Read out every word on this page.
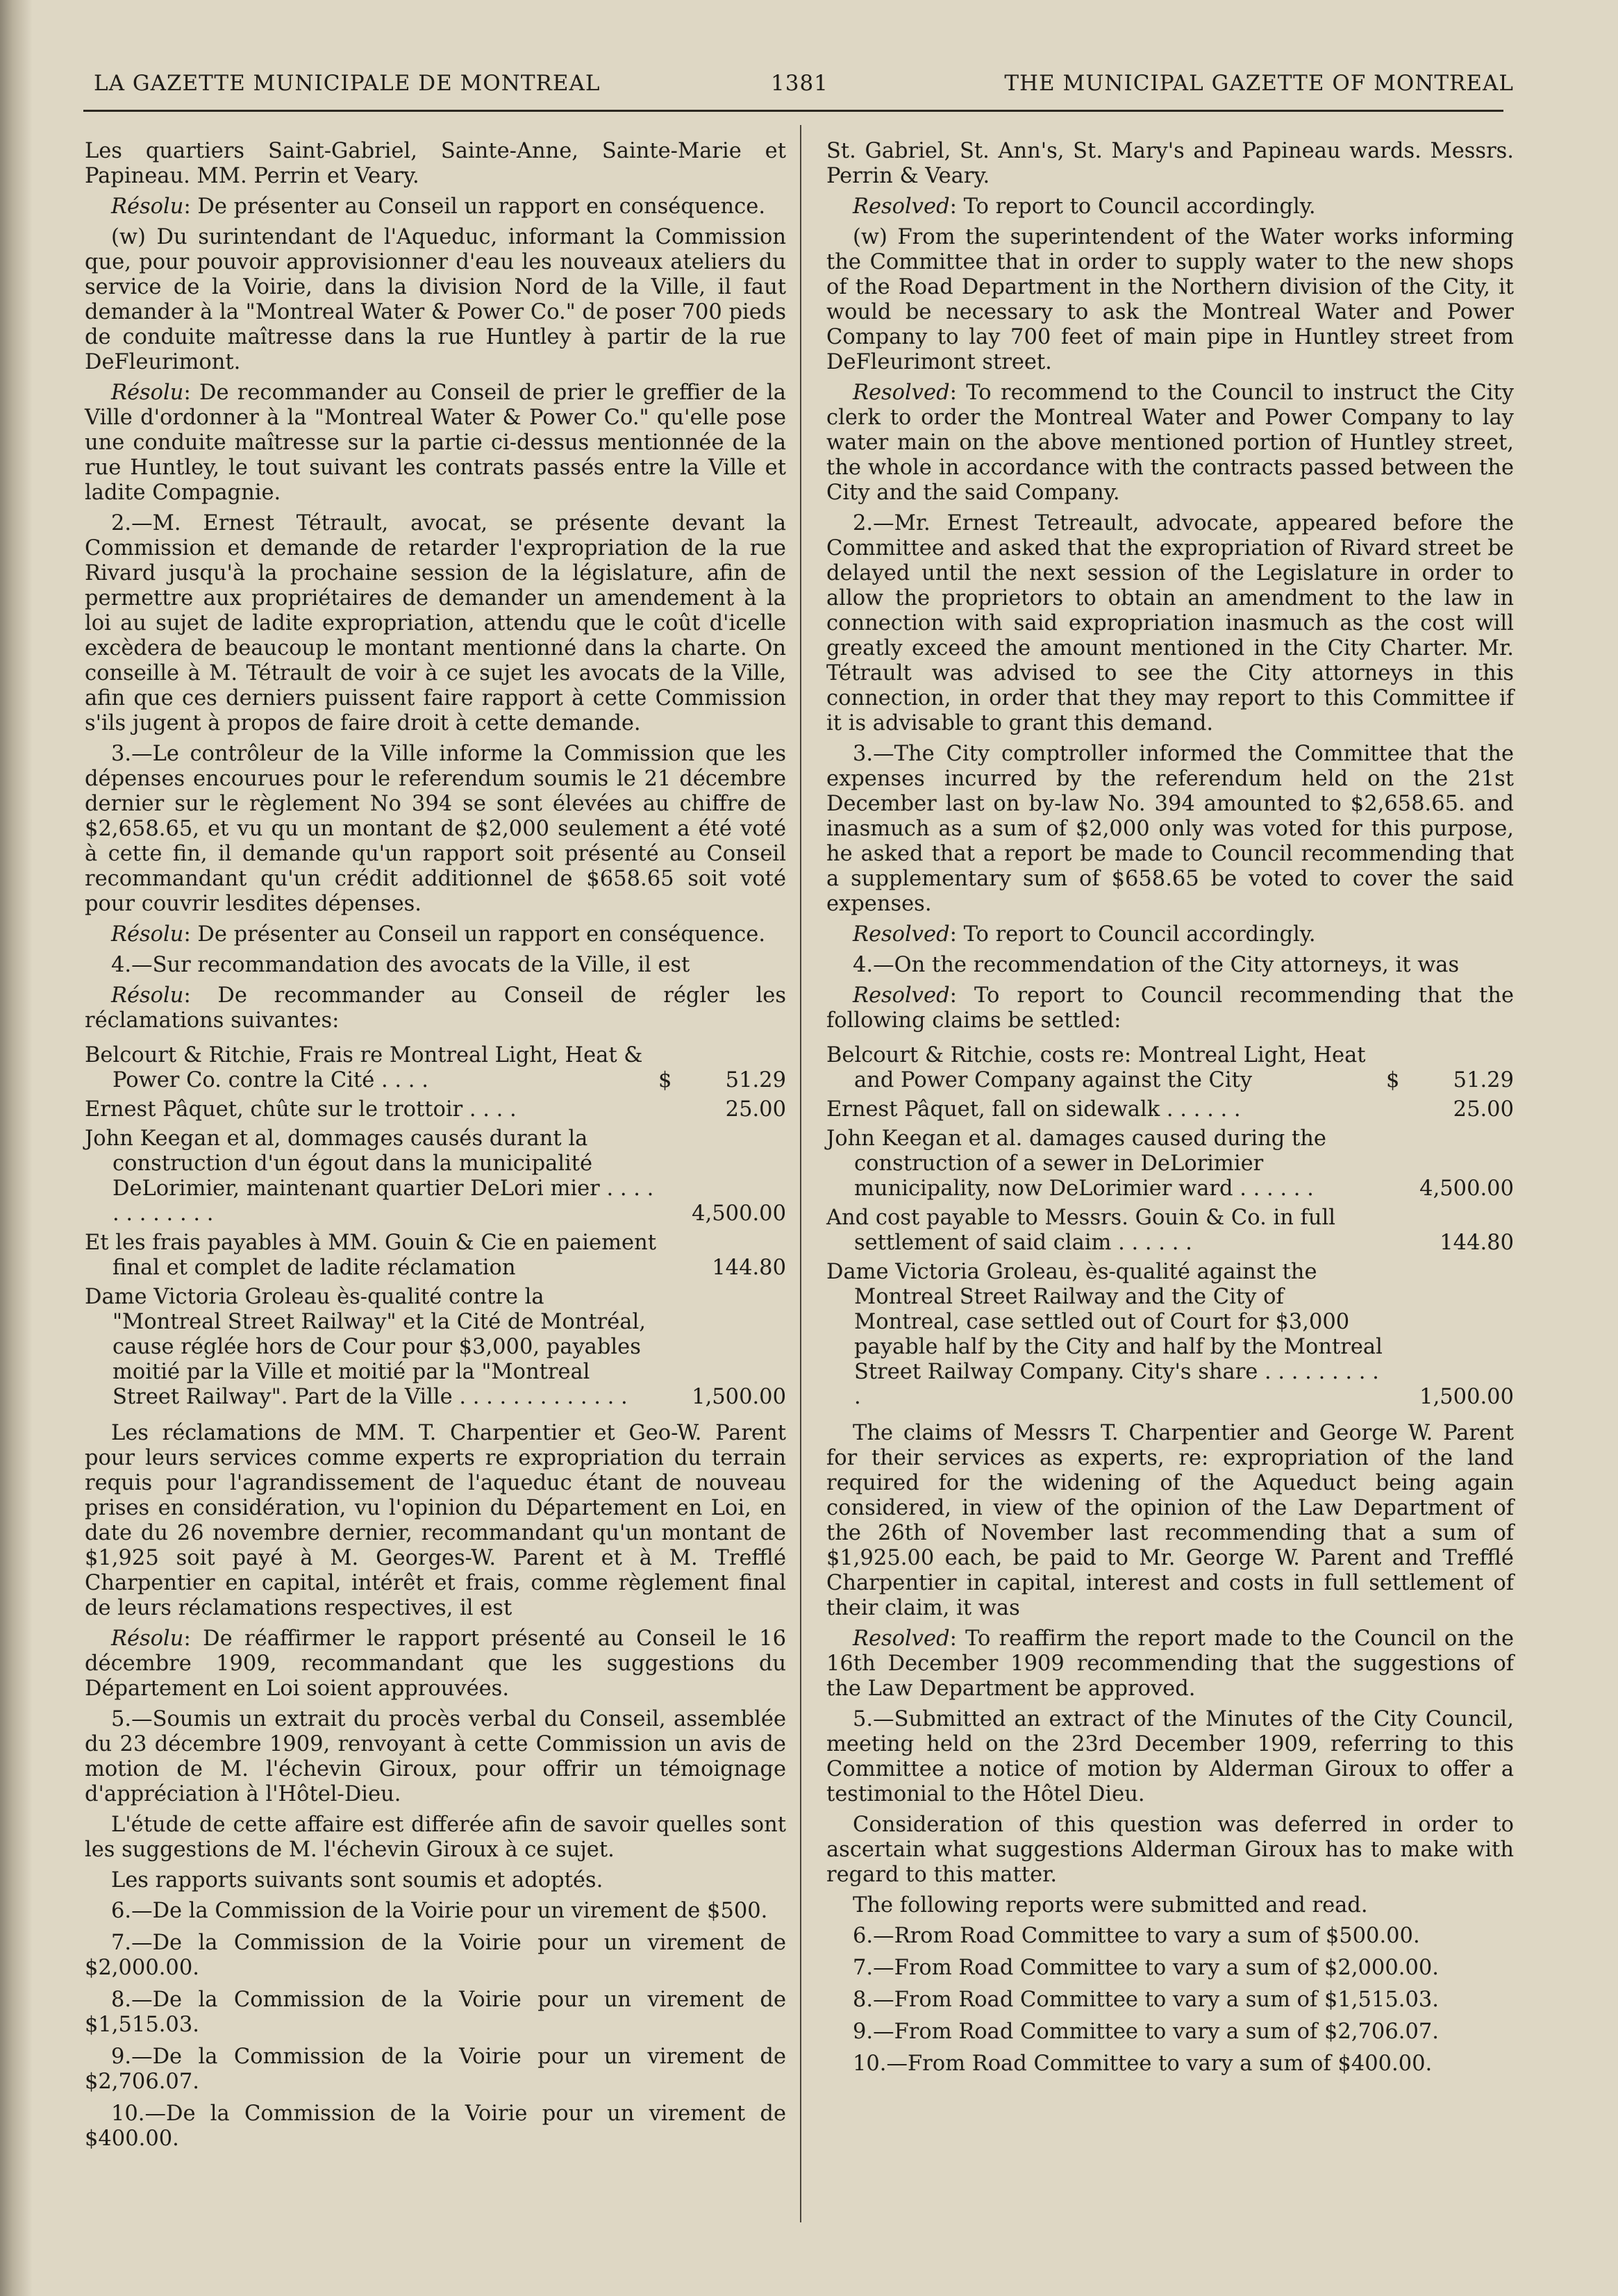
LA GAZETTE MUNICIPALE DE MONTREAL	1381	THE MUNICIPAL GAZETTE OF MONTREAL

Les quartiers Saint-Gabriel, Sainte-Anne, Sainte-Marie et Papineau. MM. Perrin et Veary.

Résolu: De présenter au Conseil un rapport en conséquence.

(w) Du surintendant de l'Aqueduc, informant la Commission que, pour pouvoir approvisionner d'eau les nouveaux ateliers du service de la Voirie, dans la division Nord de la Ville, il faut demander à la "Montreal Water & Power Co." de poser 700 pieds de conduite maîtresse dans la rue Huntley à partir de la rue DeFleurimont.

Résolu: De recommander au Conseil de prier le greffier de la Ville d'ordonner à la "Montreal Water & Power Co." qu'elle pose une conduite maîtresse sur la partie ci-dessus mentionnée de la rue Huntley, le tout suivant les contrats passés entre la Ville et ladite Compagnie.

2.—M. Ernest Tétrault, avocat, se présente devant la Commission et demande de retarder l'expropriation de la rue Rivard jusqu'à la prochaine session de la législature, afin de permettre aux propriétaires de demander un amendement à la loi au sujet de ladite expropriation, attendu que le coût d'icelle excèdera de beaucoup le montant mentionné dans la charte. On conseille à M. Tétrault de voir à ce sujet les avocats de la Ville, afin que ces derniers puissent faire rapport à cette Commission s'ils jugent à propos de faire droit à cette demande.

3.—Le contrôleur de la Ville informe la Commission que les dépenses encourues pour le referendum soumis le 21 décembre dernier sur le règlement No 394 se sont élevées au chiffre de $2,658.65, et vu qu un montant de $2,000 seulement a été voté à cette fin, il demande qu'un rapport soit présenté au Conseil recommandant qu'un crédit additionnel de $658.65 soit voté pour couvrir lesdites dépenses.

Résolu: De présenter au Conseil un rapport en conséquence.

4.—Sur recommandation des avocats de la Ville, il est

Résolu: De recommander au Conseil de régler les réclamations suivantes:

Belcourt & Ritchie, Frais re Montreal Light, Heat & Power Co. contre la Cité . . . .	$	51.29
Ernest Pâquet, chûte sur le trottoir . . . .	25.00
John Keegan et al, dommages causés durant la construction d'un égout dans la municipalité DeLorimier, maintenant quartier DeLori mier . . . . . . . . . . . .	4,500.00
Et les frais payables à MM. Gouin & Cie en paiement final et complet de ladite réclamation	144.80
Dame Victoria Groleau ès-qualité contre la "Montreal Street Railway" et la Cité de Montréal, cause réglée hors de Cour pour $3,000, payables moitié par la Ville et moitié par la "Montreal Street Railway". Part de la Ville . . . . . . . . . . . . .	1,500.00

Les réclamations de MM. T. Charpentier et Geo-W. Parent pour leurs services comme experts re expropriation du terrain requis pour l'agrandissement de l'aqueduc étant de nouveau prises en considération, vu l'opinion du Département en Loi, en date du 26 novembre dernier, recommandant qu'un montant de $1,925 soit payé à M. Georges-W. Parent et à M. Trefflé Charpentier en capital, intérêt et frais, comme règlement final de leurs réclamations respectives, il est

Résolu: De réaffirmer le rapport présenté au Conseil le 16 décembre 1909, recommandant que les suggestions du Département en Loi soient approuvées.

5.—Soumis un extrait du procès verbal du Conseil, assemblée du 23 décembre 1909, renvoyant à cette Commission un avis de motion de M. l'échevin Giroux, pour offrir un témoignage d'appréciation à l'Hôtel-Dieu.

L'étude de cette affaire est differée afin de savoir quelles sont les suggestions de M. l'échevin Giroux à ce sujet.

Les rapports suivants sont soumis et adoptés.

6.—De la Commission de la Voirie pour un virement de $500.

7.—De la Commission de la Voirie pour un virement de $2,000.00.

8.—De la Commission de la Voirie pour un virement de $1,515.03.

9.—De la Commission de la Voirie pour un virement de $2,706.07.

10.—De la Commission de la Voirie pour un virement de $400.00.

St. Gabriel, St. Ann's, St. Mary's and Papineau wards. Messrs. Perrin & Veary.

Resolved: To report to Council accordingly.

(w) From the superintendent of the Water works informing the Committee that in order to supply water to the new shops of the Road Department in the Northern division of the City, it would be necessary to ask the Montreal Water and Power Company to lay 700 feet of main pipe in Huntley street from DeFleurimont street.

Resolved: To recommend to the Council to instruct the City clerk to order the Montreal Water and Power Company to lay water main on the above mentioned portion of Huntley street, the whole in accordance with the contracts passed between the City and the said Company.

2.—Mr. Ernest Tetreault, advocate, appeared before the Committee and asked that the expropriation of Rivard street be delayed until the next session of the Legislature in order to allow the proprietors to obtain an amendment to the law in connection with said expropriation inasmuch as the cost will greatly exceed the amount mentioned in the City Charter. Mr. Tétrault was advised to see the City attorneys in this connection, in order that they may report to this Committee if it is advisable to grant this demand.

3.—The City comptroller informed the Committee that the expenses incurred by the referendum held on the 21st December last on by-law No. 394 amounted to $2,658.65. and inasmuch as a sum of $2,000 only was voted for this purpose, he asked that a report be made to Council recommending that a supplementary sum of $658.65 be voted to cover the said expenses.

Resolved: To report to Council accordingly.

4.—On the recommendation of the City attorneys, it was

Resolved: To report to Council recommending that the following claims be settled:

Belcourt & Ritchie, costs re: Montreal Light, Heat and Power Company against the City	$	51.29
Ernest Pâquet, fall on sidewalk . . . . . .	25.00
John Keegan et al. damages caused during the construction of a sewer in DeLorimier municipality, now DeLorimier ward . . . . . .	4,500.00
And cost payable to Messrs. Gouin & Co. in full settlement of said claim . . . . . .	144.80
Dame Victoria Groleau, ès-qualité against the Montreal Street Railway and the City of Montreal, case settled out of Court for $3,000 payable half by the City and half by the Montreal Street Railway Company. City's share . . . . . . . . . .	1,500.00

The claims of Messrs T. Charpentier and George W. Parent for their services as experts, re: expropriation of the land required for the widening of the Aqueduct being again considered, in view of the opinion of the Law Department of the 26th of November last recommending that a sum of $1,925.00 each, be paid to Mr. George W. Parent and Trefflé Charpentier in capital, interest and costs in full settlement of their claim, it was

Resolved: To reaffirm the report made to the Council on the 16th December 1909 recommending that the suggestions of the Law Department be approved.

5.—Submitted an extract of the Minutes of the City Council, meeting held on the 23rd December 1909, referring to this Committee a notice of motion by Alderman Giroux to offer a testimonial to the Hôtel Dieu.

Consideration of this question was deferred in order to ascertain what suggestions Alderman Giroux has to make with regard to this matter.

The following reports were submitted and read.

6.—Rrom Road Committee to vary a sum of $500.00.

7.—From Road Committee to vary a sum of $2,000.00.

8.—From Road Committee to vary a sum of $1,515.03.

9.—From Road Committee to vary a sum of $2,706.07.

10.—From Road Committee to vary a sum of $400.00.
